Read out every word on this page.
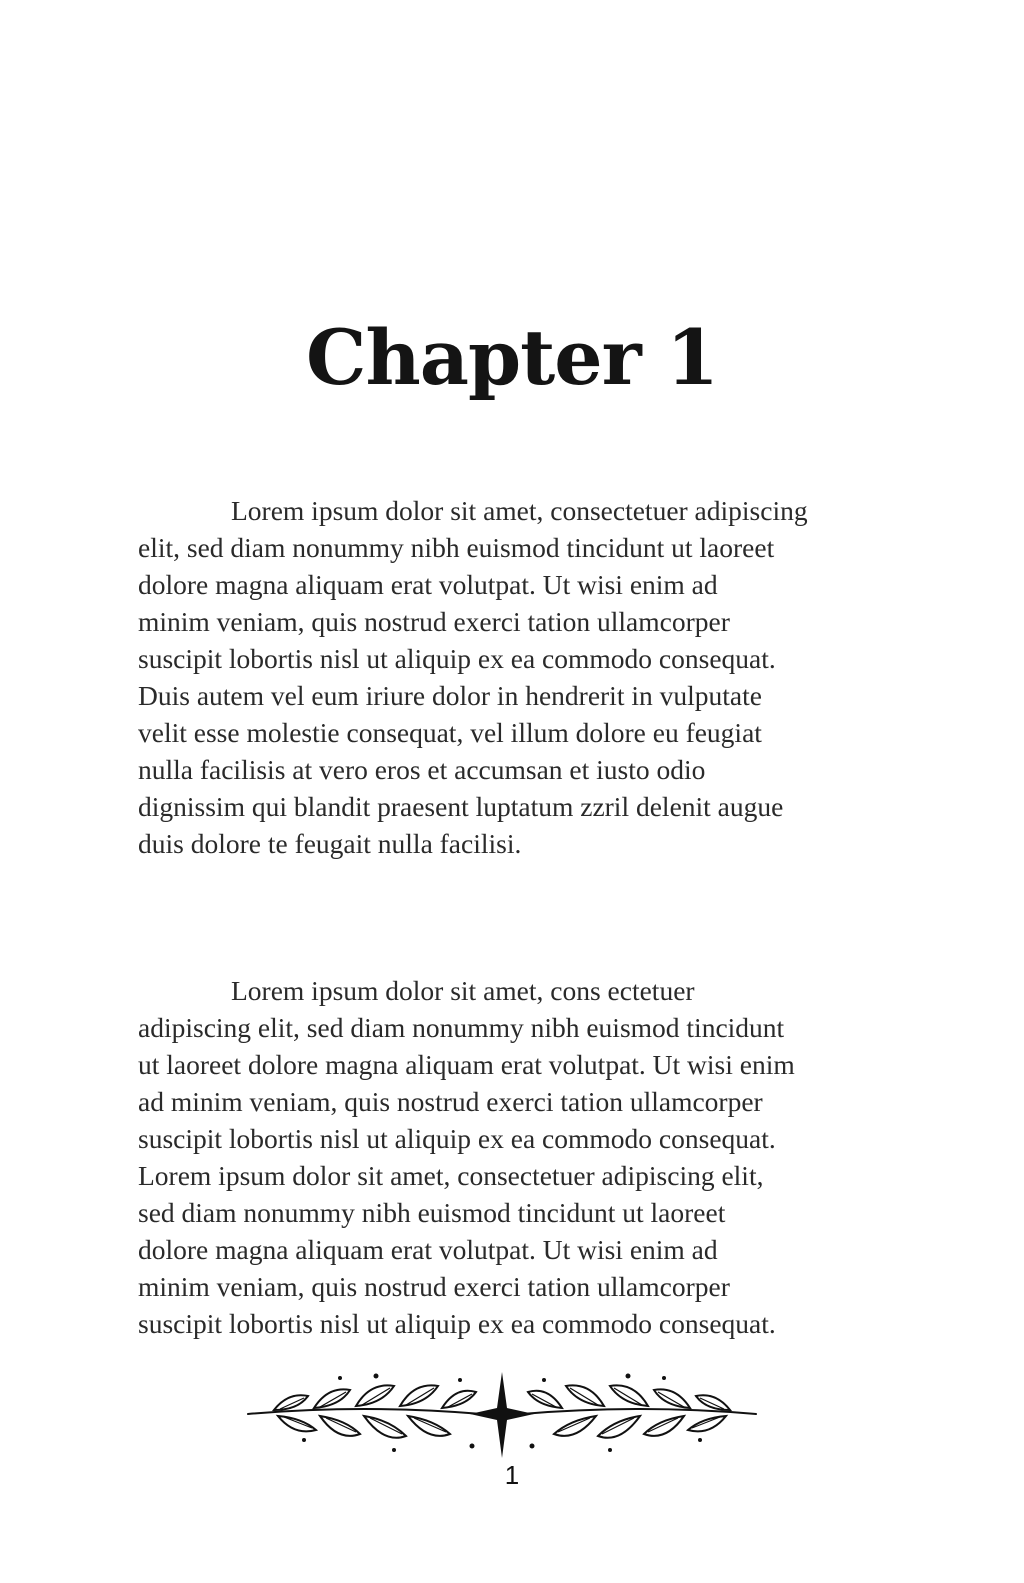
Chapter 1
Lorem ipsum dolor sit amet, consectetuer adipiscing
elit, sed diam nonummy nibh euismod tincidunt ut laoreet
dolore magna aliquam erat volutpat. Ut wisi enim ad
minim veniam, quis nostrud exerci tation ullamcorper
suscipit lobortis nisl ut aliquip ex ea commodo consequat.
Duis autem vel eum iriure dolor in hendrerit in vulputate
velit esse molestie consequat, vel illum dolore eu feugiat
nulla facilisis at vero eros et accumsan et iusto odio
dignissim qui blandit praesent luptatum zzril delenit augue
duis dolore te feugait nulla facilisi.
Lorem ipsum dolor sit amet, cons ectetuer
adipiscing elit, sed diam nonummy nibh euismod tincidunt
ut laoreet dolore magna aliquam erat volutpat. Ut wisi enim
ad minim veniam, quis nostrud exerci tation ullamcorper
suscipit lobortis nisl ut aliquip ex ea commodo consequat.
Lorem ipsum dolor sit amet, consectetuer adipiscing elit,
sed diam nonummy nibh euismod tincidunt ut laoreet
dolore magna aliquam erat volutpat. Ut wisi enim ad
minim veniam, quis nostrud exerci tation ullamcorper
suscipit lobortis nisl ut aliquip ex ea commodo consequat.
1
